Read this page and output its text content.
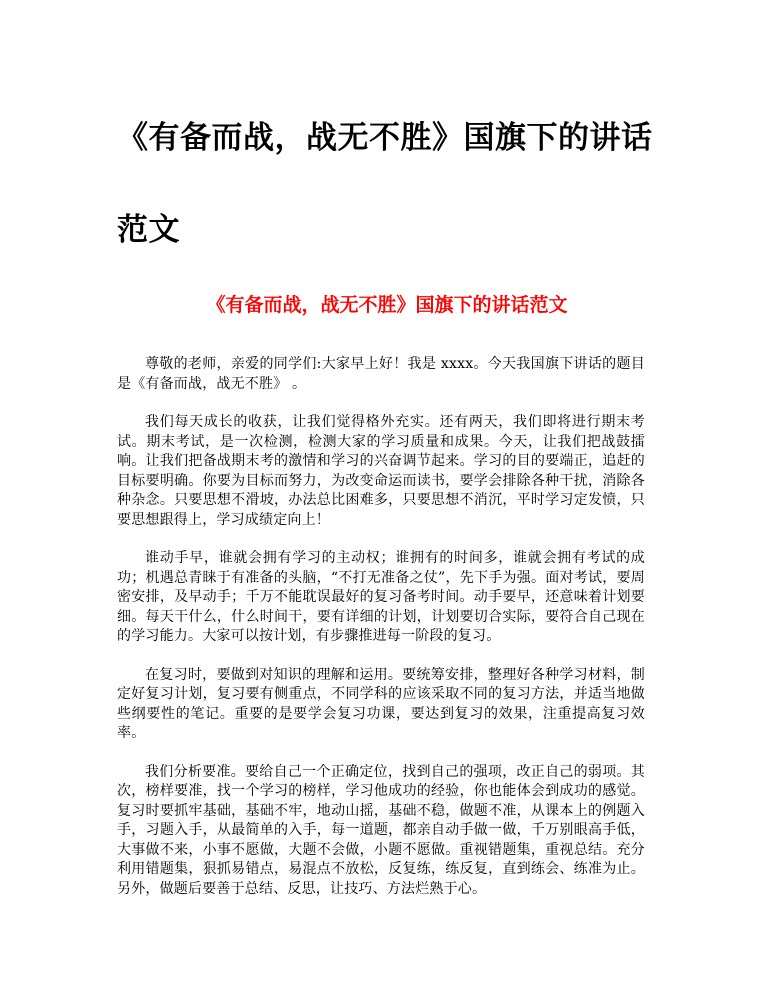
《有备而战，战无不胜》国旗下的讲话范文
《有备而战，战无不胜》国旗下的讲话范文

尊敬的老师，亲爱的同学们:大家早上好！我是 xxxx。今天我国旗下讲话的题目是《有备而战，战无不胜》 。

我们每天成长的收获，让我们觉得格外充实。还有两天，我们即将进行期末考试。期末考试，是一次检测，检测大家的学习质量和成果。今天，让我们把战鼓擂响。让我们把备战期末考的激情和学习的兴奋调节起来。学习的目的要端正，追赶的目标要明确。你要为目标而努力，为改变命运而读书，要学会排除各种干扰，消除各种杂念。只要思想不滑坡，办法总比困难多，只要思想不消沉，平时学习定发愤，只要思想跟得上，学习成绩定向上！

谁动手早，谁就会拥有学习的主动权；谁拥有的时间多，谁就会拥有考试的成功；机遇总青睐于有准备的头脑，“不打无准备之仗”，先下手为强。面对考试，要周密安排，及早动手；千万不能耽误最好的复习备考时间。动手要早，还意味着计划要细。每天干什么，什么时间干，要有详细的计划，计划要切合实际，要符合自己现在的学习能力。大家可以按计划，有步骤推进每一阶段的复习。

在复习时，要做到对知识的理解和运用。要统筹安排，整理好各种学习材料，制定好复习计划，复习要有侧重点，不同学科的应该采取不同的复习方法，并适当地做些纲要性的笔记。重要的是要学会复习功课，要达到复习的效果，注重提高复习效率。

我们分析要准。要给自己一个正确定位，找到自己的强项，改正自己的弱项。其次，榜样要准，找一个学习的榜样，学习他成功的经验，你也能体会到成功的感觉。复习时要抓牢基础，基础不牢，地动山摇，基础不稳，做题不准，从课本上的例题入手，习题入手，从最简单的入手，每一道题，都亲自动手做一做，千万别眼高手低，大事做不来，小事不愿做，大题不会做，小题不愿做。重视错题集，重视总结。充分利用错题集，狠抓易错点，易混点不放松，反复练，练反复，直到练会、练准为止。另外，做题后要善于总结、反思，让技巧、方法烂熟于心。
